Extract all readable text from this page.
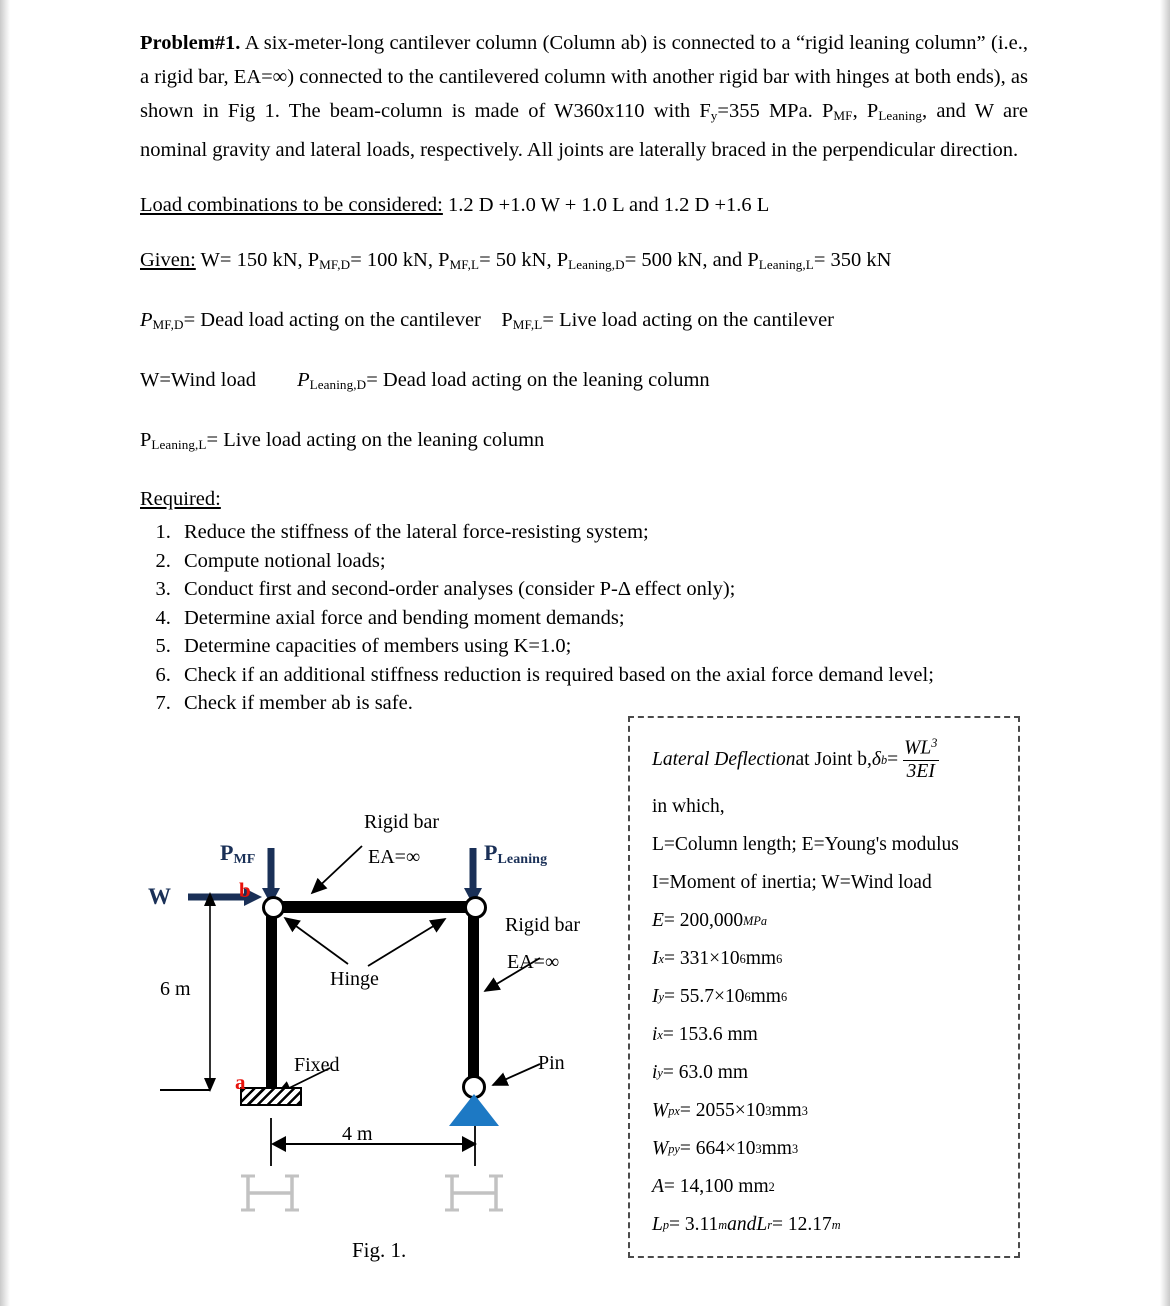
Problem#1. A six-meter-long cantilever column (Column ab) is connected to a “rigid leaning column” (i.e., a rigid bar, EA=∞) connected to the cantilevered column with another rigid bar with hinges at both ends), as shown in Fig 1. The beam-column is made of W360x110 with $F_y=355$ MPa. $P_{MF}$, $P_{Leaning}$, and W are nominal gravity and lateral loads, respectively. All joints are laterally braced in the perpendicular direction.

Load combinations to be considered: 1.2 D +1.0 W + 1.0 L and 1.2 D +1.6 L

Given: W= 150 kN, $P_{MF,D}= 100$ kN, $P_{MF,L}= 50$ kN, $P_{Leaning,D}= 500$ kN, and $P_{Leaning,L}= 350$ kN

$P_{MF,D}=$ Dead load acting on the cantilever $P_{MF,L}=$ Live load acting on the cantilever

W=Wind load $P_{Leaning,D}=$ Dead load acting on the leaning column

$P_{Leaning,L}=$ Live load acting on the leaning column

Required:

1. Reduce the stiffness of the lateral force-resisting system;
2. Compute notional loads;
3. Conduct first and second-order analyses (consider P-Δ effect only);
4. Determine axial force and bending moment demands;
5. Determine capacities of members using K=1.0;
6. Check if an additional stiffness reduction is required based on the axial force demand level;
7. Check if member ab is safe.
W
$P_{MF}$	$P_{Leaning}$
b
a
6 m
4 m
Rigid bar
EA=∞
Rigid bar
EA=∞
Hinge
Fixed	Pin
Fig. 1.
Lateral Deflection at Joint b, δ $b = \frac{WL^3}{3EI}$
in which,
L=Column length; E=Young's modulus
I=Moment of inertia; W=Wind load
E = 200,000 MPa
I x = 331×10 6 mm 6
I y = 55.7×10 6 mm 6
i x = 153.6 mm
i y = 63.0 mm
W px = 2055×10 3 mm 3
W py = 664×10 3 mm 3
A = 14,100 mm 2
L p = 3.11 m and L r = 12.17 m
